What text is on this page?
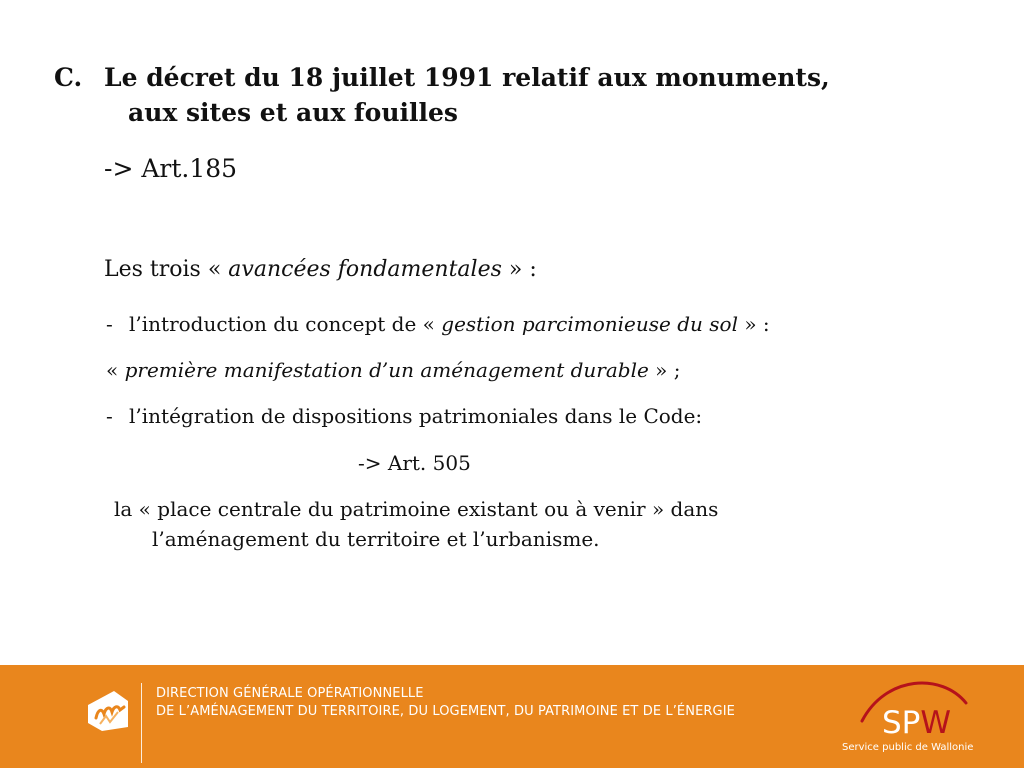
C. Le décret du 18 juillet 1991 relatif aux monuments,
aux sites et aux fouilles
-> Art.185
Les trois « avancées fondamentales » :
- l’introduction du concept de « gestion parcimonieuse du sol » :
« première manifestation d’un aménagement durable » ;
- l’intégration de dispositions patrimoniales dans le Code:
-> Art. 505
la « place centrale du patrimoine existant ou à venir » dans
l’aménagement du territoire et l’urbanisme.
DIRECTION GÉNÉRALE OPÉRATIONNELLE
DE L’AMÉNAGEMENT DU TERRITOIRE, DU LOGEMENT, DU PATRIMOINE ET DE L’ÉNERGIE	SPW
Service public de Wallonie
